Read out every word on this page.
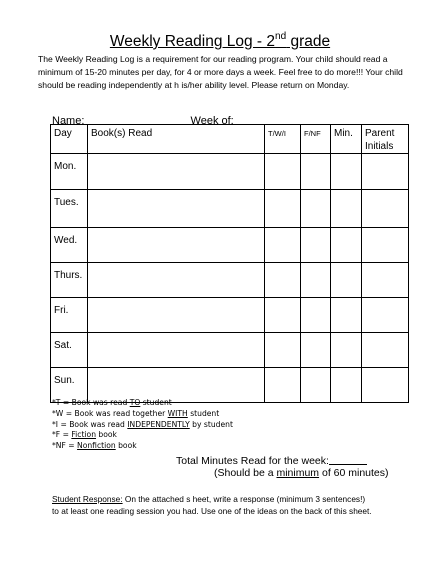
Weekly Reading Log - 2nd grade
The Weekly Reading Log is a requirement for our reading program. Your child should read a minimum of 15-20 minutes per day, for 4 or more days a week. Feel free to do more!!! Your child should be reading independently at h is/her ability level. Please return on Monday.
Name:	Week of:
Day	Book(s) Read	T/W/I	F/NF	Min.	Parent Initials
Mon.					
Tues.					
Wed.					
Thurs.					
Fri.					
Sat.					
Sun.					
*T = Book was read TO student
*W = Book was read together WITH student
*I = Book was read INDEPENDENTLY by student
*F = Fiction book
*NF = Nonfiction book
Total Minutes Read for the week:
(Should be a minimum of 60 minutes)
Student Response: On the attached s heet, write a response (minimum 3 sentences!) to at least one reading session you had. Use one of the ideas on the back of this sheet.
